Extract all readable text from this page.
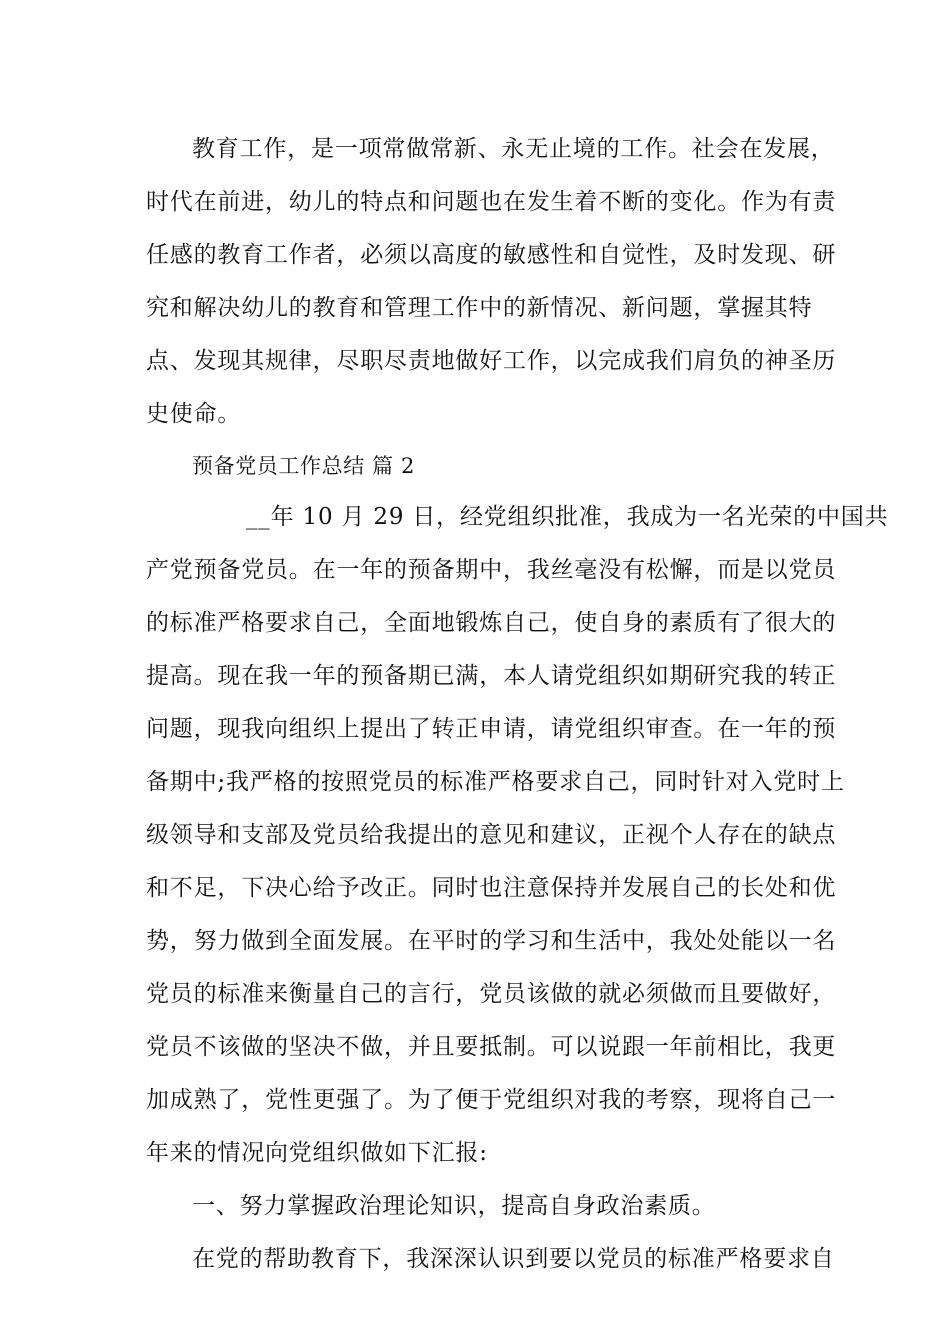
教育工作，是一项常做常新、永无止境的工作。社会在发展，
时代在前进，幼儿的特点和问题也在发生着不断的变化。作为有责
任感的教育工作者，必须以高度的敏感性和自觉性，及时发现、研
究和解决幼儿的教育和管理工作中的新情况、新问题，掌握其特
点、发现其规律，尽职尽责地做好工作，以完成我们肩负的神圣历
史使命。
预备党员工作总结 篇 2
__年 10 月 29 日，经党组织批准，我成为一名光荣的中国共
产党预备党员。在一年的预备期中，我丝毫没有松懈，而是以党员
的标准严格要求自己，全面地锻炼自己，使自身的素质有了很大的
提高。现在我一年的预备期已满，本人请党组织如期研究我的转正
问题，现我向组织上提出了转正申请，请党组织审查。在一年的预
备期中;我严格的按照党员的标准严格要求自己，同时针对入党时上
级领导和支部及党员给我提出的意见和建议，正视个人存在的缺点
和不足，下决心给予改正。同时也注意保持并发展自己的长处和优
势，努力做到全面发展。在平时的学习和生活中，我处处能以一名
党员的标准来衡量自己的言行，党员该做的就必须做而且要做好，
党员不该做的坚决不做，并且要抵制。可以说跟一年前相比，我更
加成熟了，党性更强了。为了便于党组织对我的考察，现将自己一
年来的情况向党组织做如下汇报:
一、努力掌握政治理论知识，提高自身政治素质。
在党的帮助教育下，我深深认识到要以党员的标准严格要求自
